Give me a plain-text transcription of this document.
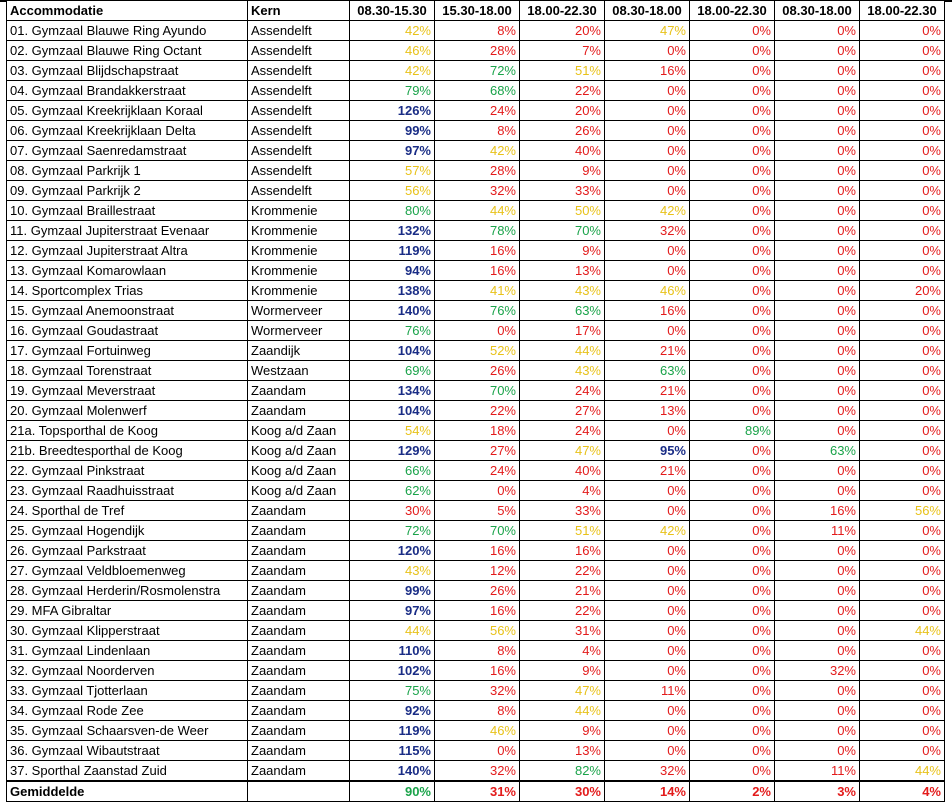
Accommodatie	Kern	08.30-15.30	15.30-18.00	18.00-22.30	08.30-18.00	18.00-22.30	08.30-18.00	18.00-22.30
01. Gymzaal Blauwe Ring Ayundo	Assendelft	42%	8%	20%	47%	0%	0%	0%
02. Gymzaal Blauwe Ring Octant	Assendelft	46%	28%	7%	0%	0%	0%	0%
03. Gymzaal Blijdschapstraat	Assendelft	42%	72%	51%	16%	0%	0%	0%
04. Gymzaal Brandakkerstraat	Assendelft	79%	68%	22%	0%	0%	0%	0%
05. Gymzaal Kreekrijklaan Koraal	Assendelft	126%	24%	20%	0%	0%	0%	0%
06. Gymzaal Kreekrijklaan Delta	Assendelft	99%	8%	26%	0%	0%	0%	0%
07. Gymzaal Saenredamstraat	Assendelft	97%	42%	40%	0%	0%	0%	0%
08. Gymzaal Parkrijk 1	Assendelft	57%	28%	9%	0%	0%	0%	0%
09. Gymzaal Parkrijk 2	Assendelft	56%	32%	33%	0%	0%	0%	0%
10. Gymzaal Braillestraat	Krommenie	80%	44%	50%	42%	0%	0%	0%
11. Gymzaal Jupiterstraat Evenaar	Krommenie	132%	78%	70%	32%	0%	0%	0%
12. Gymzaal Jupiterstraat Altra	Krommenie	119%	16%	9%	0%	0%	0%	0%
13. Gymzaal Komarowlaan	Krommenie	94%	16%	13%	0%	0%	0%	0%
14. Sportcomplex Trias	Krommenie	138%	41%	43%	46%	0%	0%	20%
15. Gymzaal Anemoonstraat	Wormerveer	140%	76%	63%	16%	0%	0%	0%
16. Gymzaal Goudastraat	Wormerveer	76%	0%	17%	0%	0%	0%	0%
17. Gymzaal Fortuinweg	Zaandijk	104%	52%	44%	21%	0%	0%	0%
18. Gymzaal Torenstraat	Westzaan	69%	26%	43%	63%	0%	0%	0%
19. Gymzaal Meverstraat	Zaandam	134%	70%	24%	21%	0%	0%	0%
20. Gymzaal Molenwerf	Zaandam	104%	22%	27%	13%	0%	0%	0%
21a. Topsporthal de Koog	Koog a/d Zaan	54%	18%	24%	0%	89%	0%	0%
21b. Breedtesporthal de Koog	Koog a/d Zaan	129%	27%	47%	95%	0%	63%	0%
22. Gymzaal Pinkstraat	Koog a/d Zaan	66%	24%	40%	21%	0%	0%	0%
23. Gymzaal Raadhuisstraat	Koog a/d Zaan	62%	0%	4%	0%	0%	0%	0%
24. Sporthal de Tref	Zaandam	30%	5%	33%	0%	0%	16%	56%
25. Gymzaal Hogendijk	Zaandam	72%	70%	51%	42%	0%	11%	0%
26. Gymzaal Parkstraat	Zaandam	120%	16%	16%	0%	0%	0%	0%
27. Gymzaal Veldbloemenweg	Zaandam	43%	12%	22%	0%	0%	0%	0%
28. Gymzaal Herderin/Rosmolenstra	Zaandam	99%	26%	21%	0%	0%	0%	0%
29. MFA Gibraltar	Zaandam	97%	16%	22%	0%	0%	0%	0%
30. Gymzaal Klipperstraat	Zaandam	44%	56%	31%	0%	0%	0%	44%
31. Gymzaal Lindenlaan	Zaandam	110%	8%	4%	0%	0%	0%	0%
32. Gymzaal Noorderven	Zaandam	102%	16%	9%	0%	0%	32%	0%
33. Gymzaal Tjotterlaan	Zaandam	75%	32%	47%	11%	0%	0%	0%
34. Gymzaal Rode Zee	Zaandam	92%	8%	44%	0%	0%	0%	0%
35. Gymzaal Schaarsven-de Weer	Zaandam	119%	46%	9%	0%	0%	0%	0%
36. Gymzaal Wibautstraat	Zaandam	115%	0%	13%	0%	0%	0%	0%
37. Sporthal Zaanstad Zuid	Zaandam	140%	32%	82%	32%	0%	11%	44%
Gemiddelde		90%	31%	30%	14%	2%	3%	4%
